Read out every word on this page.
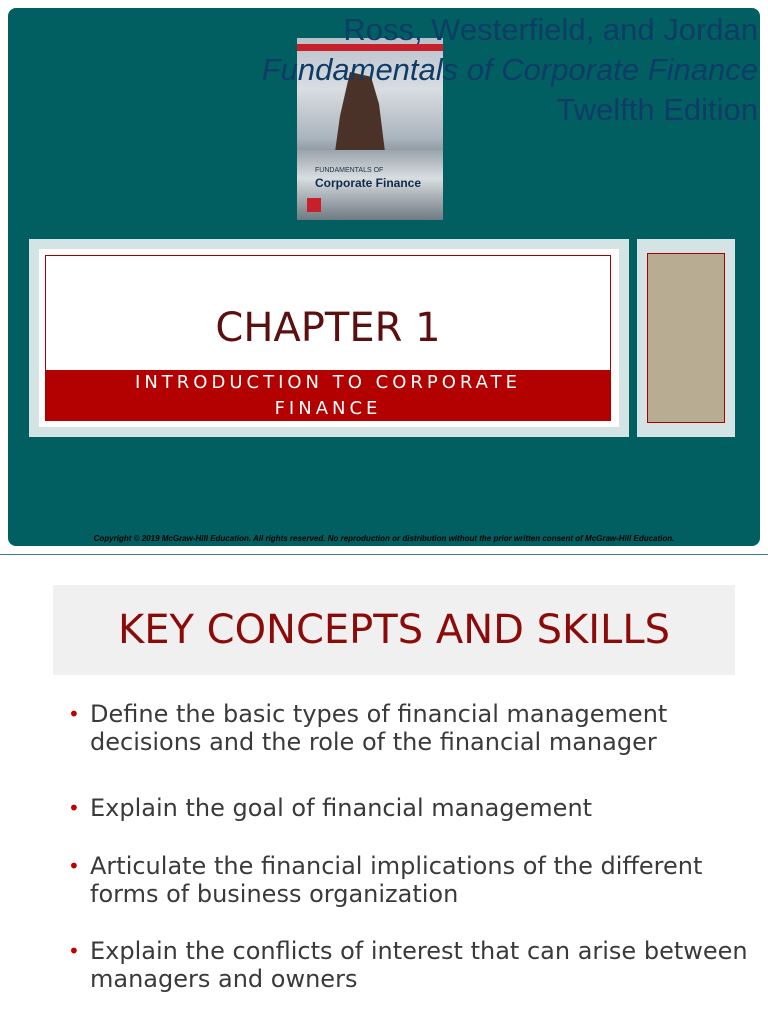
FUNDAMENTALS OF
Corporate Finance
Ross, Westerfield, and Jordan
Fundamentals of Corporate Finance
Twelfth Edition
CHAPTER 1
INTRODUCTION TO CORPORATE FINANCE
Copyright © 2019 McGraw-Hill Education. All rights reserved. No reproduction or distribution without the prior written consent of McGraw-Hill Education.
KEY CONCEPTS AND SKILLS
• Define the basic types of financial management decisions and the role of the financial manager
• Explain the goal of financial management
• Articulate the financial implications of the different forms of business organization
• Explain the conflicts of interest that can arise between managers and owners
